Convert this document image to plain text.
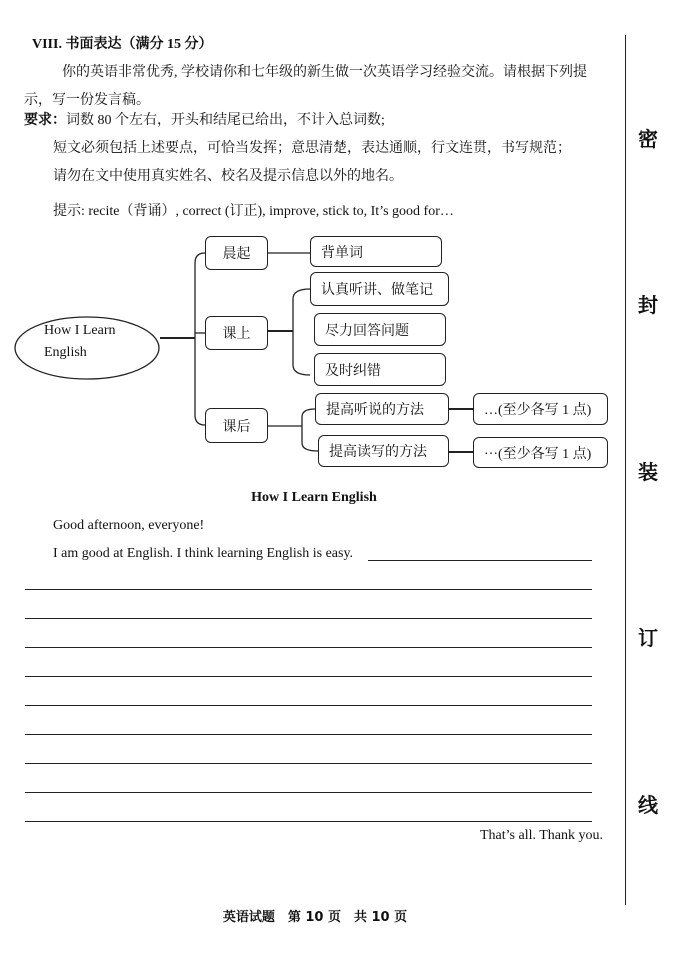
VIII. 书面表达（满分 15 分）
你的英语非常优秀, 学校请你和七年级的新生做一次英语学习经验交流。请根据下列提
示，写一份发言稿。
要求：词数 80 个左右，开头和结尾已给出，不计入总词数;
短文必须包括上述要点，可恰当发挥；意思清楚，表达通顺，行文连贯，书写规范；
请勿在文中使用真实姓名、校名及提示信息以外的地名。
提示: recite（背诵）, correct (订正), improve, stick to, It’s good for…
How I Learn
English
晨起
课上
课后
背单词
认真听讲、做笔记
尽力回答问题
及时纠错
提高听说的方法
提高读写的方法
…(至少各写 1 点)
···(至少各写 1 点)
How I Learn English
Good afternoon, everyone!
I am good at English. I think learning English is easy.
That’s all. Thank you.
英语试题　第 10 页　共 10 页
密
封
装
订
线
